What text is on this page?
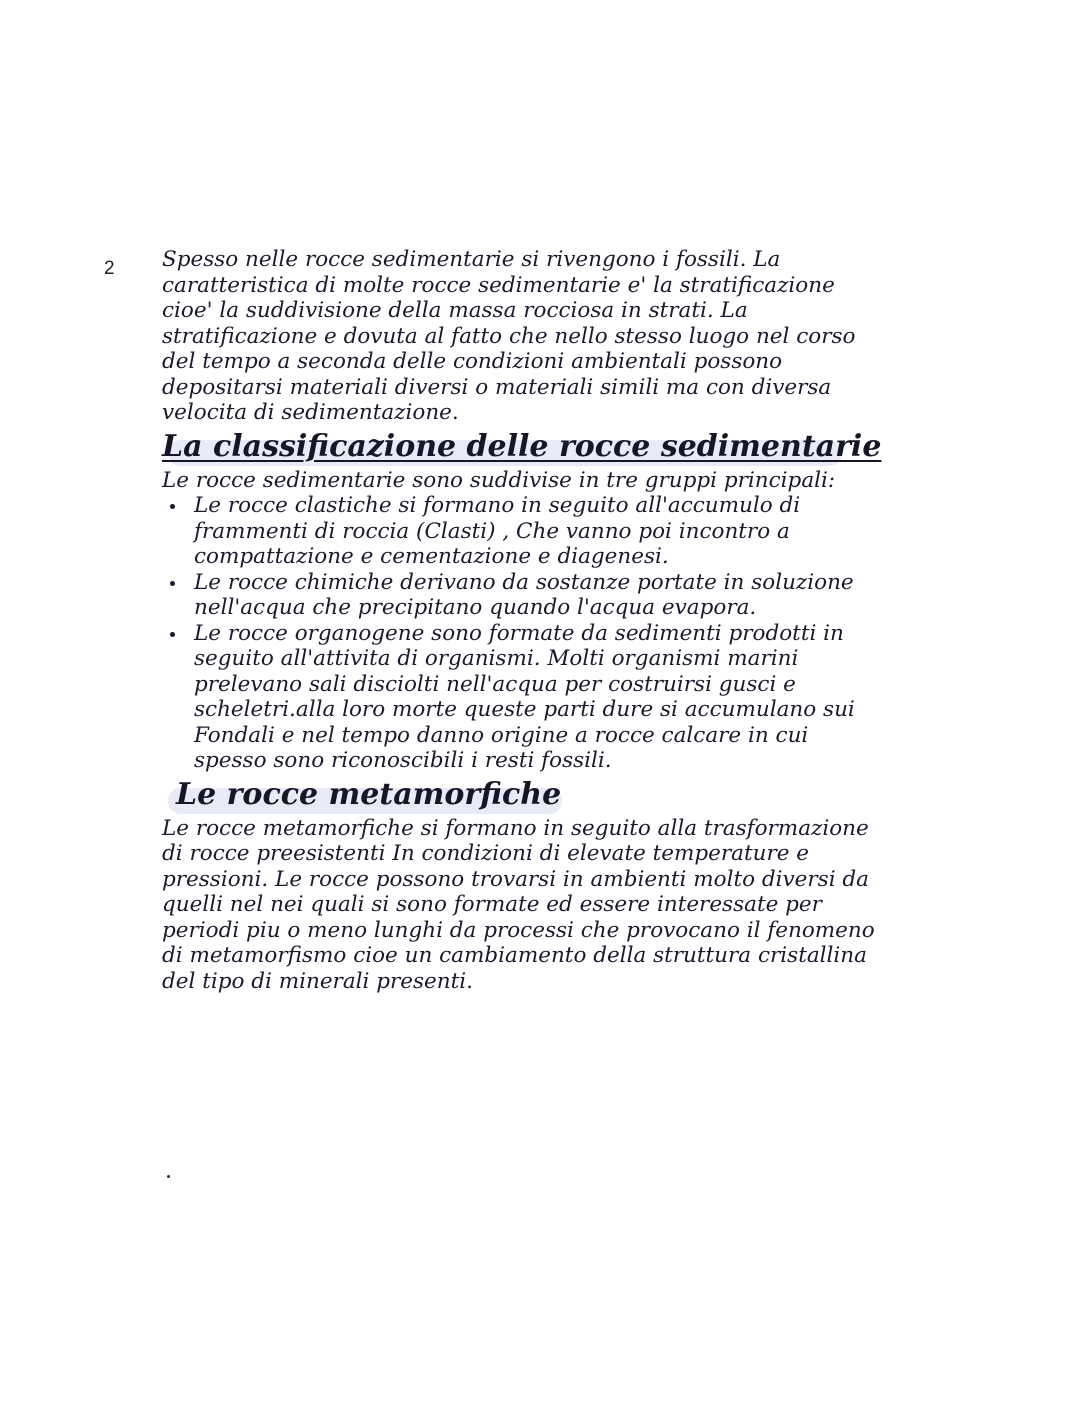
2 Spesso nelle rocce sedimentarie si rivengono i fossili. La caratteristica di molte rocce sedimentarie e' la stratificazione cioe' la suddivisione della massa rocciosa in strati. La stratificazione e dovuta al fatto che nello stesso luogo nel corso del tempo a seconda delle condizioni ambientali possono depositarsi materiali diversi o materiali simili ma con diversa velocita di sedimentazione.

La classificazione delle rocce sedimentarie

Le rocce sedimentarie sono suddivise in tre gruppi principali:

Le rocce clastiche si formano in seguito all'accumulo di frammenti di roccia (Clasti) , Che vanno poi incontro a compattazione e cementazione e diagenesi.
Le rocce chimiche derivano da sostanze portate in soluzione nell'acqua che precipitano quando l'acqua evapora.
Le rocce organogene sono formate da sedimenti prodotti in seguito all'attivita di organismi. Molti organismi marini prelevano sali disciolti nell'acqua per costruirsi gusci e scheletri.alla loro morte queste parti dure si accumulano sui Fondali e nel tempo danno origine a rocce calcare in cui spesso sono riconoscibili i resti fossili.
Le rocce metamorfiche

Le rocce metamorfiche si formano in seguito alla trasformazione di rocce preesistenti In condizioni di elevate temperature e pressioni. Le rocce possono trovarsi in ambienti molto diversi da quelli nel nei quali si sono formate ed essere interessate per periodi piu o meno lunghi da processi che provocano il fenomeno di metamorfismo cioe un cambiamento della struttura cristallina del tipo di minerali presenti.
